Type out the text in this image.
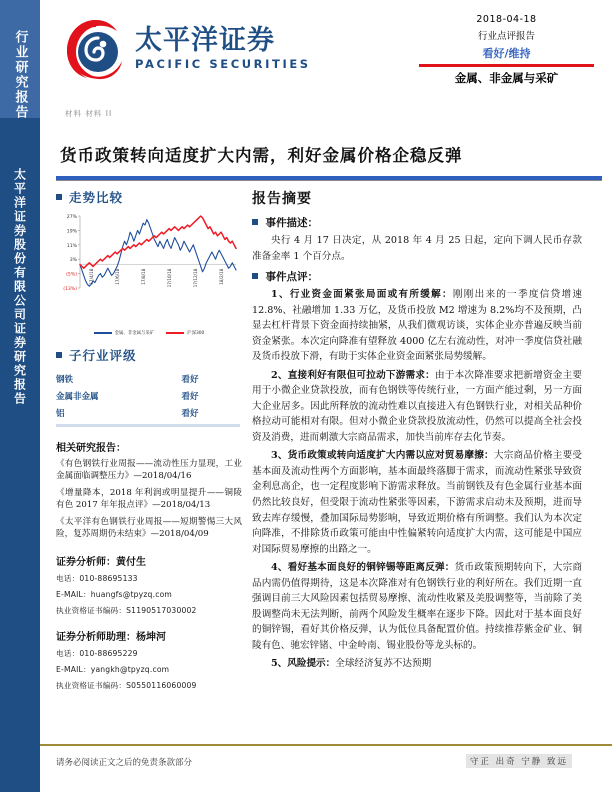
行业研究报告
太平洋证券股份有限公司证券研究报告
太平洋证券
PACIFIC SECURITIES
2018-04-18
行业点评报告
看好/维持
金属、非金属与采矿
材料 材料 II
货币政策转向适度扩大内需，利好金属价格企稳反弹
走势比较
27%
19%
11%
3%
(5%)
(13%)
17/4/18	17/6/18	17/8/18	17/10/18	17/12/18	18/2/18
金属、非金属与采矿	沪深300
子行业评级
钢铁	看好
金属非金属	看好
铝	看好
相关研究报告：
《有色钢铁行业周报——流动性压力显现，工业金属面临调整压力》—2018/04/16
《增量降本，2018 年利润或明显提升——铜陵有色 2017 年年报点评》—2018/04/13
《太平洋有色钢铁行业周报——短期警惕三大风险，复苏周期仍未结束》—2018/04/09
证券分析师：黄付生
电话：010-88695133
E-MAIL：huangfs@tpyzq.com
执业资格证书编码：S1190517030002
证券分析师助理：杨坤河
电话：010-88695229
E-MAIL：yangkh@tpyzq.com
执业资格证书编码：S0550116060009
报告摘要
事件描述：
央行 4 月 17 日决定，从 2018 年 4 月 25 日起，定向下调人民币存款准备金率 1 个百分点。
事件点评：
1、行业资金面紧张局面或有所缓解：刚刚出来的一季度信贷增速 12.8%、社融增加 1.33 万亿，及货币投放 M2 增速为 8.2%均不及预期，凸显去杠杆背景下资金面持续抽紧，从我们微观访谈，实体企业亦普遍反映当前资金紧张。本次定向降准有望释放 4000 亿左右流动性，对冲一季度信贷社融及货币投放下滑，有助于实体企业资金面紧张局势缓解。
2、直接利好有限但可拉动下游需求：由于本次降准要求把新增资金主要用于小微企业贷款投放，而有色钢铁等传统行业，一方面产能过剩，另一方面大企业居多。因此所释放的流动性难以直接进入有色钢铁行业，对相关品种价格拉动可能相对有限。但对小微企业贷款投放流动性，仍然可以提高全社会投资及消费，进而刺激大宗商品需求，加快当前库存去化节奏。
3、货币政策或转向适度扩大内需以应对贸易摩擦：大宗商品价格主要受基本面及流动性两个方面影响，基本面最终落脚于需求，而流动性紧张导致资金利息高企，也一定程度影响下游需求释放。当前钢铁及有色金属行业基本面仍然比较良好，但受限于流动性紧张等因素，下游需求启动未及预期，进而导致去库存缓慢，叠加国际局势影响，导致近期价格有所调整。我们认为本次定向降准，不排除货币政策可能由中性偏紧转向适度扩大内需，这可能是中国应对国际贸易摩擦的出路之一。
4、看好基本面良好的铜锌锡等距离反弹：货币政策预期转向下，大宗商品内需仍值得期待，这是本次降准对有色钢铁行业的利好所在。我们近期一直强调目前三大风险因素包括贸易摩擦、流动性收紧及美股调整等，当前除了美股调整尚未无法判断，前两个风险发生概率在逐步下降。因此对于基本面良好的铜锌锡，看好其价格反弹，认为低位具备配置价值。持续推荐紫金矿业、铜陵有色、驰宏锌锗、中金岭南、锡业股份等龙头标的。
5、风险提示：全球经济复苏不达预期
请务必阅读正文之后的免责条款部分	守正 出奇 宁静 致远
